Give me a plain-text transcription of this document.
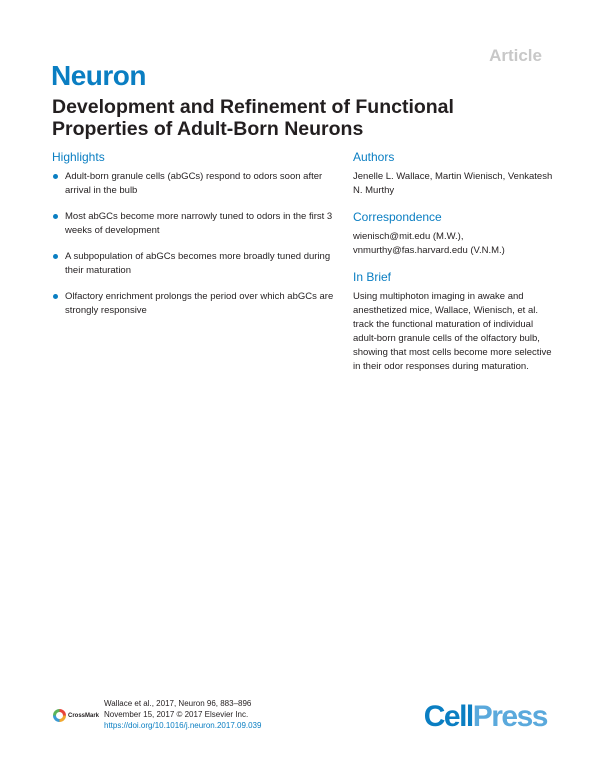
Article
Neuron
Development and Refinement of Functional Properties of Adult-Born Neurons
Highlights
Adult-born granule cells (abGCs) respond to odors soon after arrival in the bulb
Most abGCs become more narrowly tuned to odors in the first 3 weeks of development
A subpopulation of abGCs becomes more broadly tuned during their maturation
Olfactory enrichment prolongs the period over which abGCs are strongly responsive
Authors

Jenelle L. Wallace, Martin Wienisch, Venkatesh N. Murthy

Correspondence

wienisch@mit.edu (M.W.),

vnmurthy@fas.harvard.edu (V.N.M.)

In Brief

Using multiphoton imaging in awake and anesthetized mice, Wallace, Wienisch, et al. track the functional maturation of individual adult-born granule cells of the olfactory bulb, showing that most cells become more selective in their odor responses during maturation.

CrossMark
Wallace et al., 2017, Neuron 96, 883–896
November 15, 2017 © 2017 Elsevier Inc.
https://doi.org/10.1016/j.neuron.2017.09.039	CellPress
